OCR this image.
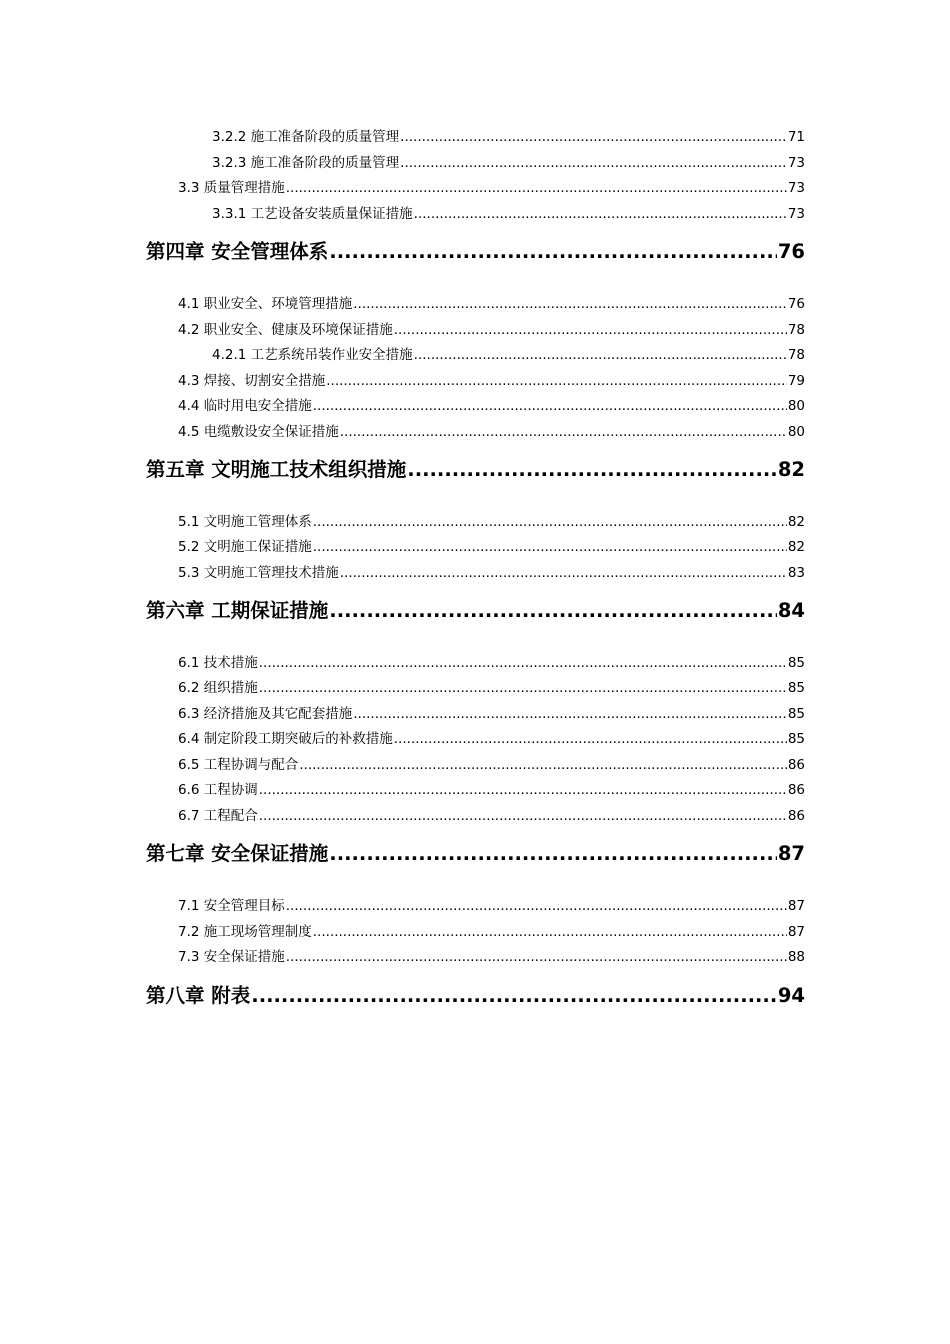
3.2.2 施工准备阶段的质量管理 .....	71
3.2.3 施工准备阶段的质量管理 .....	73
3.3 质量管理措施 .....	73
3.3.1 工艺设备安装质量保证措施 .....	73
第四章 安全管理体系 .....	76
4.1 职业安全、环境管理措施 .....	76
4.2 职业安全、健康及环境保证措施 .....	78
4.2.1 工艺系统吊装作业安全措施 .....	78
4.3 焊接、切割安全措施 .....	79
4.4 临时用电安全措施 .....	80
4.5 电缆敷设安全保证措施 .....	80
第五章 文明施工技术组织措施 .....	82
5.1 文明施工管理体系 .....	82
5.2 文明施工保证措施 .....	82
5.3 文明施工管理技术措施 .....	83
第六章 工期保证措施 .....	84
6.1 技术措施 .....	85
6.2 组织措施 .....	85
6.3 经济措施及其它配套措施 .....	85
6.4 制定阶段工期突破后的补救措施 .....	85
6.5 工程协调与配合 .....	86
6.6 工程协调 .....	86
6.7 工程配合 .....	86
第七章 安全保证措施 .....	87
7.1 安全管理目标 .....	87
7.2 施工现场管理制度 .....	87
7.3 安全保证措施 .....	88
第八章 附表 .....	94
